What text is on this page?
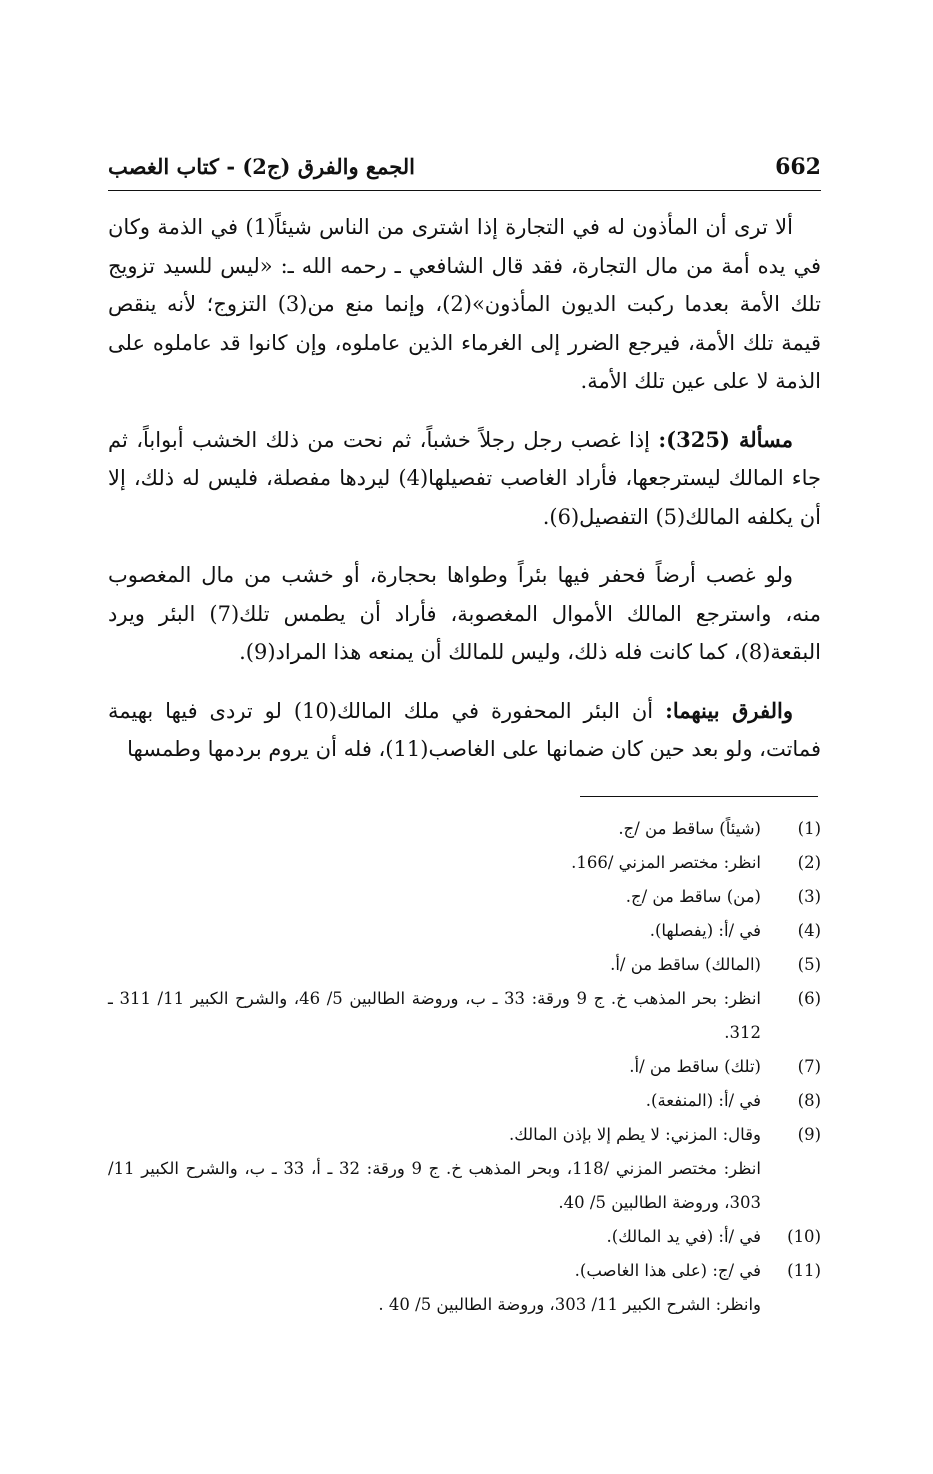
662
الجمع والفرق (ج2) - كتاب الغصب

ألا ترى أن المأذون له في التجارة إذا اشترى من الناس شيئاً(1) في الذمة وكان في يده أمة من مال التجارة، فقد قال الشافعي ـ رحمه الله ـ: «ليس للسيد تزويج تلك الأمة بعدما ركبت الديون المأذون»(2)، وإنما منع من(3) التزوج؛ لأنه ينقص قيمة تلك الأمة، فيرجع الضرر إلى الغرماء الذين عاملوه، وإن كانوا قد عاملوه على الذمة لا على عين تلك الأمة.

مسألة (325): إذا غصب رجل رجلاً خشباً، ثم نحت من ذلك الخشب أبواباً، ثم جاء المالك ليسترجعها، فأراد الغاصب تفصيلها(4) ليردها مفصلة، فليس له ذلك، إلا أن يكلفه المالك(5) التفصيل(6).

ولو غصب أرضاً فحفر فيها بئراً وطواها بحجارة، أو خشب من مال المغصوب منه، واسترجع المالك الأموال المغصوبة، فأراد أن يطمس تلك(7) البئر ويرد البقعة(8)، كما كانت فله ذلك، وليس للمالك أن يمنعه هذا المراد(9).

والفرق بينهما: أن البئر المحفورة في ملك المالك(10) لو تردى فيها بهيمة فماتت، ولو بعد حين كان ضمانها على الغاصب(11)، فله أن يروم بردمها وطمسها

(1)
(شيئاً) ساقط من /ج.
(2)
انظر: مختصر المزني /166.
(3)
(من) ساقط من /ج.
(4)
في /أ: (يفصلها).
(5)
(المالك) ساقط من /أ.
(6)
انظر: بحر المذهب خ. ج 9 ورقة: 33 ـ ب، وروضة الطالبين 5/ 46، والشرح الكبير 11/ 311 ـ 312.
(7)
(تلك) ساقط من /أ.
(8)
في /أ: (المنفعة).
(9)
وقال: المزني: لا يطم إلا بإذن المالك.
انظر: مختصر المزني /118، وبحر المذهب خ. ج 9 ورقة: 32 ـ أ، 33 ـ ب، والشرح الكبير 11/ 303، وروضة الطالبين 5/ 40.
(10)
في /أ: (في يد المالك).
(11)
في /ج: (على هذا الغاصب).
وانظر: الشرح الكبير 11/ 303، وروضة الطالبين 5/ 40 .
